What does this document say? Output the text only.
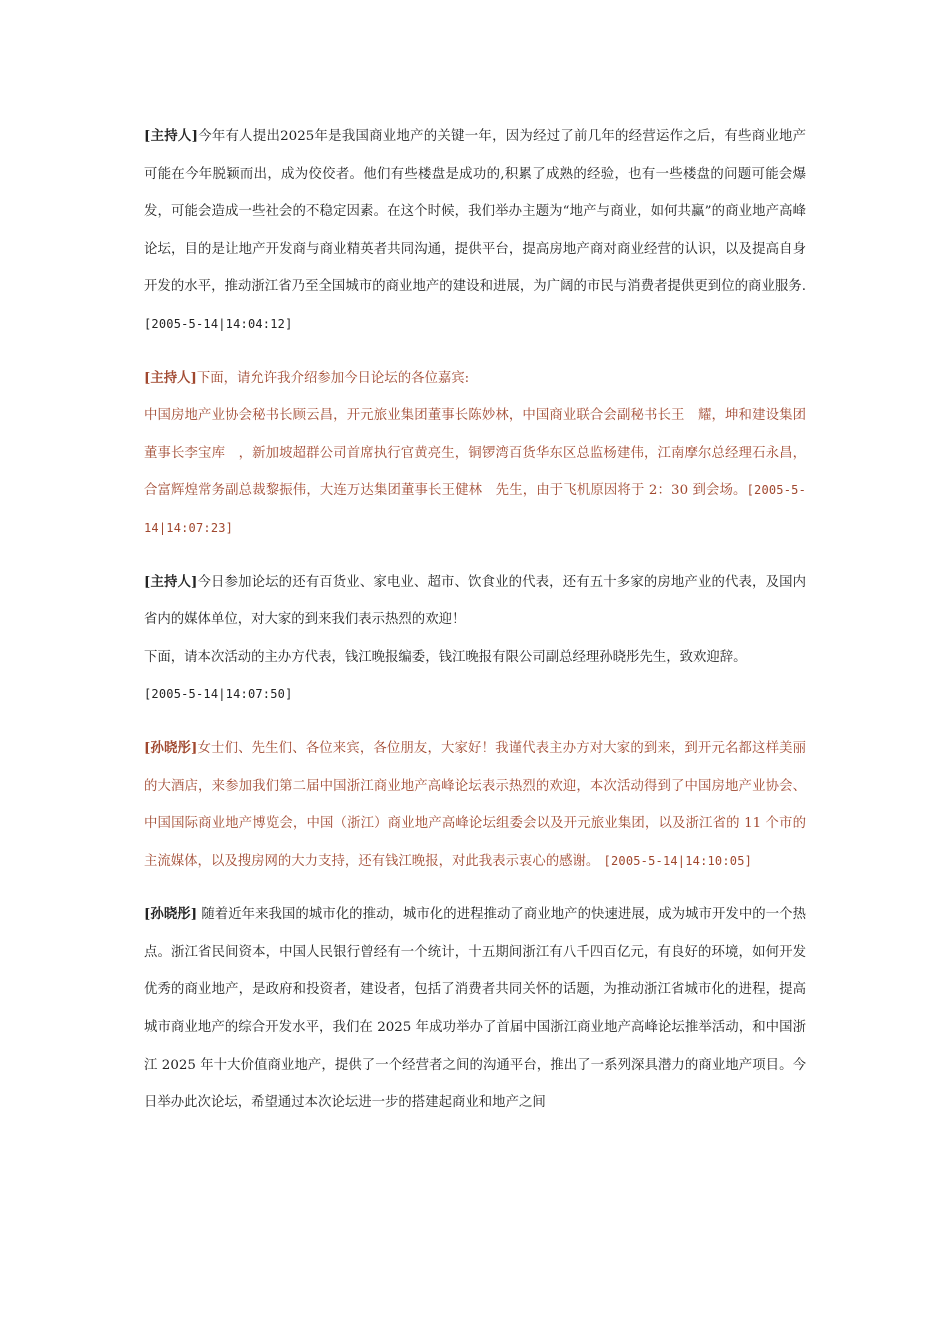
[主持人]今年有人提出2025年是我国商业地产的关键一年，因为经过了前几年的经营运作之后，有些商业地产可能在今年脱颖而出，成为佼佼者。他们有些楼盘是成功的,积累了成熟的经验，也有一些楼盘的问题可能会爆发，可能会造成一些社会的不稳定因素。在这个时候，我们举办主题为“地产与商业，如何共赢”的商业地产高峰论坛，目的是让地产开发商与商业精英者共同沟通，提供平台，提高房地产商对商业经营的认识，以及提高自身开发的水平，推动浙江省乃至全国城市的商业地产的建设和进展，为广阔的市民与消费者提供更到位的商业服务. [2005-5-14|14:04:12]

[主持人]下面，请允许我介绍参加今日论坛的各位嘉宾:
中国房地产业协会秘书长顾云昌，开元旅业集团董事长陈妙林，中国商业联合会副秘书长王　耀，坤和建设集团董事长李宝库　，新加坡超群公司首席执行官黄亮生，铜锣湾百货华东区总监杨建伟，江南摩尔总经理石永昌，合富辉煌常务副总裁黎振伟，大连万达集团董事长王健林　先生，由于飞机原因将于 2：30 到会场。[2005-5-14|14:07:23]

[主持人]今日参加论坛的还有百货业、家电业、超市、饮食业的代表，还有五十多家的房地产业的代表，及国内省内的媒体单位，对大家的到来我们表示热烈的欢迎！
下面，请本次活动的主办方代表，钱江晚报编委，钱江晚报有限公司副总经理孙晓彤先生，致欢迎辞。
[2005-5-14|14:07:50]

[孙晓彤]女士们、先生们、各位来宾，各位朋友，大家好！我谨代表主办方对大家的到来，到开元名都这样美丽的大酒店，来参加我们第二届中国浙江商业地产高峰论坛表示热烈的欢迎，本次活动得到了中国房地产业协会、中国国际商业地产博览会，中国（浙江）商业地产高峰论坛组委会以及开元旅业集团，以及浙江省的 11 个市的主流媒体，以及搜房网的大力支持，还有钱江晚报，对此我表示衷心的感谢。 [2005-5-14|14:10:05]

[孙晓彤] 随着近年来我国的城市化的推动，城市化的进程推动了商业地产的快速进展，成为城市开发中的一个热点。浙江省民间资本，中国人民银行曾经有一个统计，十五期间浙江有八千四百亿元，有良好的环境，如何开发优秀的商业地产，是政府和投资者，建设者，包括了消费者共同关怀的话题，为推动浙江省城市化的进程，提高城市商业地产的综合开发水平，我们在 2025 年成功举办了首届中国浙江商业地产高峰论坛推举活动，和中国浙江 2025 年十大价值商业地产，提供了一个经营者之间的沟通平台，推出了一系列深具潜力的商业地产项目。今日举办此次论坛，希望通过本次论坛进一步的搭建起商业和地产之间
